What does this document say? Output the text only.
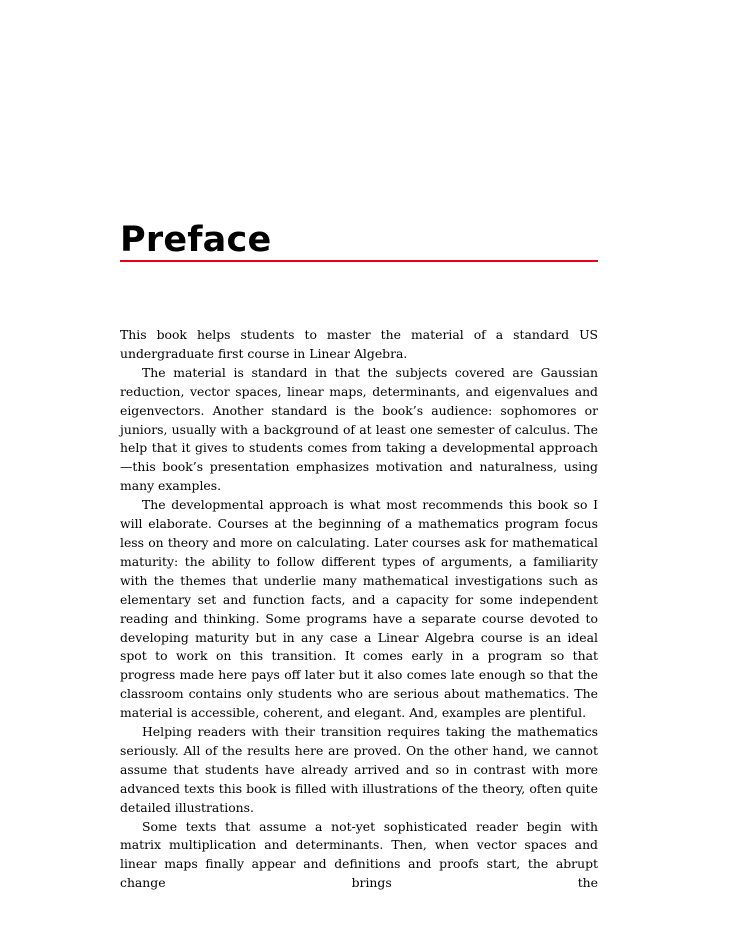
Preface

This book helps students to master the material of a standard US undergraduate first course in Linear Algebra.

The material is standard in that the subjects covered are Gaussian reduction, vector spaces, linear maps, determinants, and eigenvalues and eigenvectors. Another standard is the book’s audience: sophomores or juniors, usually with a background of at least one semester of calculus. The help that it gives to students comes from taking a developmental approach —this book’s presentation emphasizes motivation and naturalness, using many examples.

The developmental approach is what most recommends this book so I will elaborate. Courses at the beginning of a mathematics program focus less on theory and more on calculating. Later courses ask for mathematical maturity: the ability to follow different types of arguments, a familiarity with the themes that underlie many mathematical investigations such as elementary set and function facts, and a capacity for some independent reading and thinking. Some programs have a separate course devoted to developing maturity but in any case a Linear Algebra course is an ideal spot to work on this transition. It comes early in a program so that progress made here pays off later but it also comes late enough so that the classroom contains only students who are serious about mathematics. The material is accessible, coherent, and elegant. And, examples are plentiful.

Helping readers with their transition requires taking the mathematics seriously. All of the results here are proved. On the other hand, we cannot assume that students have already arrived and so in contrast with more advanced texts this book is filled with illustrations of the theory, often quite detailed illustrations.

Some texts that assume a not-yet sophisticated reader begin with matrix multiplication and determinants. Then, when vector spaces and linear maps finally appear and definitions and proofs start, the abrupt change brings the
